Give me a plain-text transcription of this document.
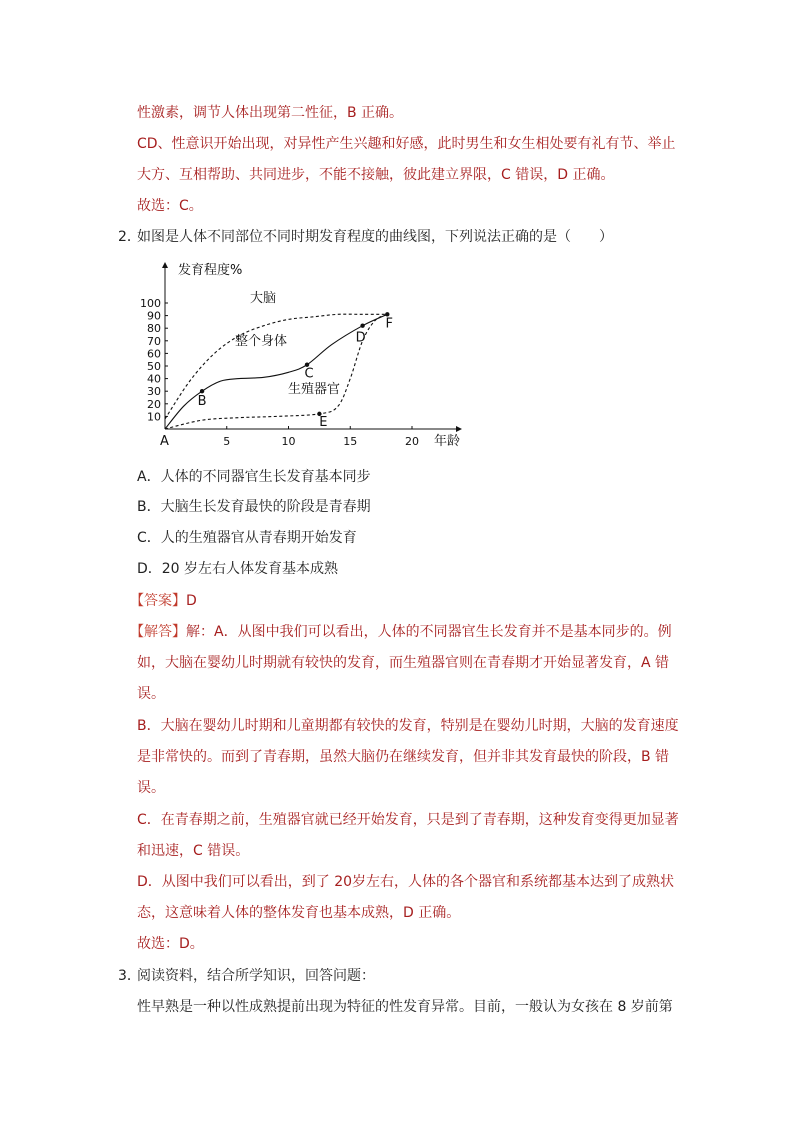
性激素，调节人体出现第二性征，B 正确。
CD、性意识开始出现，对异性产生兴趣和好感，此时男生和女生相处要有礼有节、举止
大方、互相帮助、共同进步，不能不接触，彼此建立界限，C 错误，D 正确。
故选：C。
2．
如图是人体不同部位不同时期发育程度的曲线图，下列说法正确的是（　　）
10
20
30
40
50
60
70
80
90
100
5	10	15	20
B
C
D
E
F
发育程度%
年龄
A
大脑
整个身体
生殖器官
A．人体的不同器官生长发育基本同步
B．大脑生长发育最快的阶段是青春期
C．人的生殖器官从青春期开始发育
D．20 岁左右人体发育基本成熟
【答案】D
【解答】解：A．从图中我们可以看出，人体的不同器官生长发育并不是基本同步的。例
如，大脑在婴幼儿时期就有较快的发育，而生殖器官则在青春期才开始显著发育，A 错
误。
B．大脑在婴幼儿时期和儿童期都有较快的发育，特别是在婴幼儿时期，大脑的发育速度
是非常快的。而到了青春期，虽然大脑仍在继续发育，但并非其发育最快的阶段，B 错
误。
C．在青春期之前，生殖器官就已经开始发育，只是到了青春期，这种发育变得更加显著
和迅速，C 错误。
D．从图中我们可以看出，到了 20岁左右，人体的各个器官和系统都基本达到了成熟状
态，这意味着人体的整体发育也基本成熟，D 正确。
故选：D。
3．
阅读资料，结合所学知识，回答问题：
性早熟是一种以性成熟提前出现为特征的性发育异常。目前，一般认为女孩在 8 岁前第
